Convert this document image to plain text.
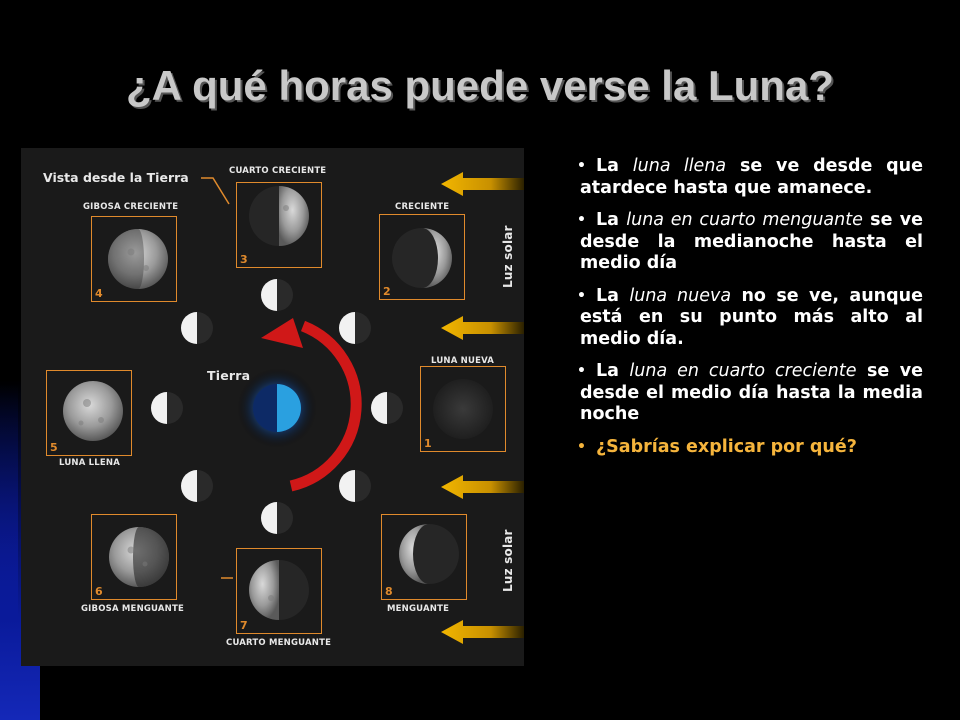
¿A qué horas puede verse la Luna?
1
2
3
4
5
6
7
8
Vista desde la Tierra
Tierra
LUNA NUEVA
CRECIENTE
CUARTO CRECIENTE
GIBOSA CRECIENTE
LUNA LLENA
GIBOSA MENGUANTE
CUARTO MENGUANTE
MENGUANTE
Luz solar
Luz solar

• La luna llena se ve desde que atardece hasta que amanece.

• La luna en cuarto menguante se ve desde la medianoche hasta el medio día

• La luna nueva no se ve, aunque está en su punto más alto al medio día.

• La luna en cuarto creciente se ve desde el medio día hasta la media noche

• ¿Sabrías explicar por qué?
